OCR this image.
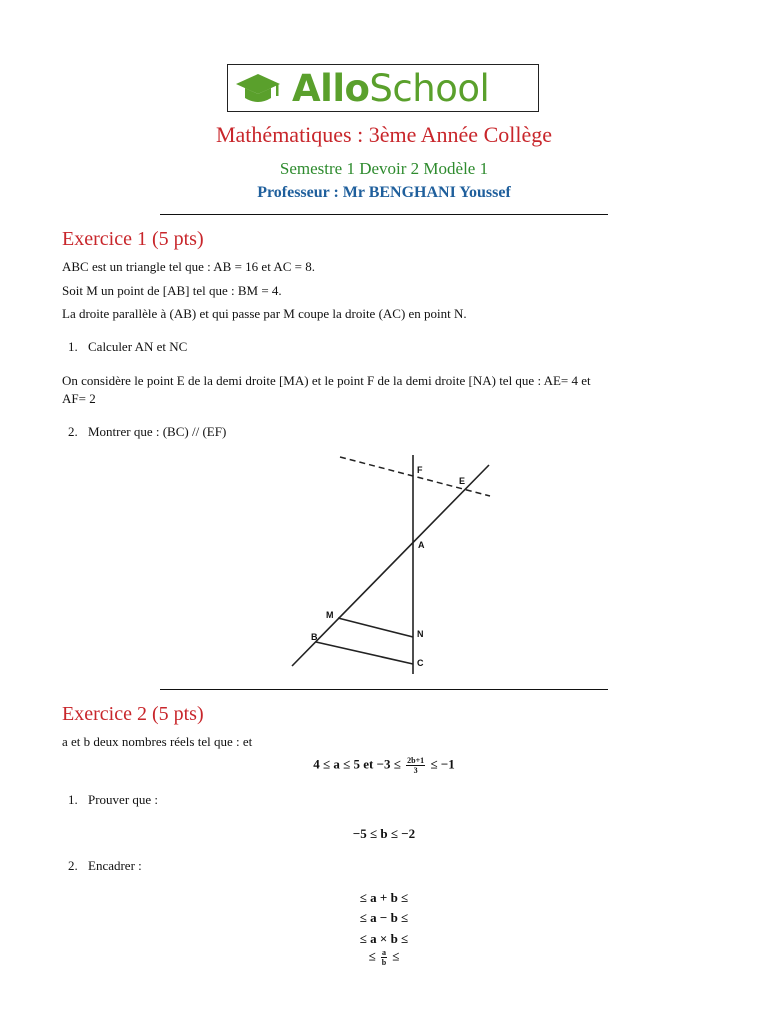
AlloSchool
Mathématiques : 3ème Année Collège
Semestre 1 Devoir 2 Modèle 1
Professeur : Mr BENGHANI Youssef
Exercice 1 (5 pts)
ABC est un triangle tel que : AB = 16 et AC = 8.
Soit M un point de [AB] tel que : BM = 4.
La droite parallèle à (AB) et qui passe par M coupe la droite (AC) en point N.
1. Calculer AN et NC
On considère le point E de la demi droite [MA) et le point F de la demi droite [NA) tel que : AE= 4 et
AF= 2
2. Montrer que : (BC) // (EF)
F
E
A
M
N
B
C
Exercice 2 (5 pts)
a et b deux nombres réels tel que : et
4 ≤ a ≤ 5 et $-3 \le \frac{2b+1}{3} \le -1$
1. Prouver que :
−5 ≤ b ≤ −2
2. Encadrer :
≤ a + b ≤
≤ a − b ≤
≤ a × b ≤
≤ $\frac{a}{b}$ ≤
